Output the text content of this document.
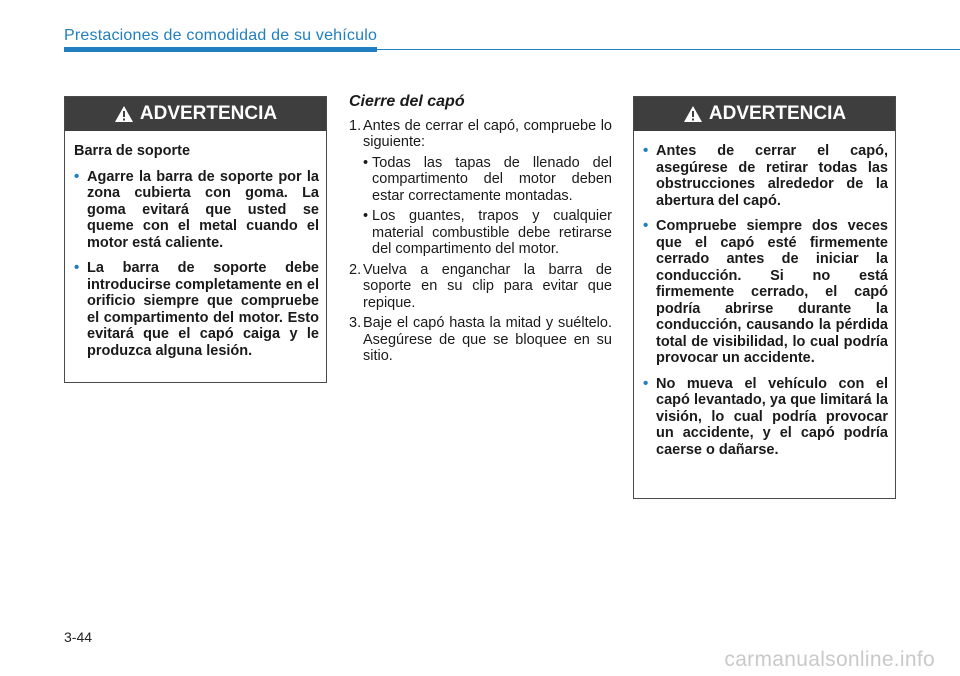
Prestaciones de comodidad de su vehículo
ADVERTENCIA
Barra de soporte
• Agarre la barra de soporte por la zona cubierta con goma. La goma evitará que usted se queme con el metal cuando el motor está caliente.
• La barra de soporte debe introducirse completamente en el orificio siempre que compruebe el compartimento del motor. Esto evitará que el capó caiga y le produzca alguna lesión.
Cierre del capó
1. Antes de cerrar el capó, compruebe lo siguiente:
• Todas las tapas de llenado del compartimento del motor deben estar correctamente montadas.
• Los guantes, trapos y cualquier material combustible debe retirarse del compartimento del motor.
2. Vuelva a enganchar la barra de soporte en su clip para evitar que repique.
3. Baje el capó hasta la mitad y suéltelo. Asegúrese de que se bloquee en su sitio.
ADVERTENCIA
• Antes de cerrar el capó, asegúrese de retirar todas las obstrucciones alrededor de la abertura del capó.
• Compruebe siempre dos veces que el capó esté firmemente cerrado antes de iniciar la conducción. Si no está firmemente cerrado, el capó podría abrirse durante la conducción, causando la pérdida total de visibilidad, lo cual podría provocar un accidente.
• No mueva el vehículo con el capó levantado, ya que limitará la visión, lo cual podría provocar un accidente, y el capó podría caerse o dañarse.
3-44
carmanualsonline.info
